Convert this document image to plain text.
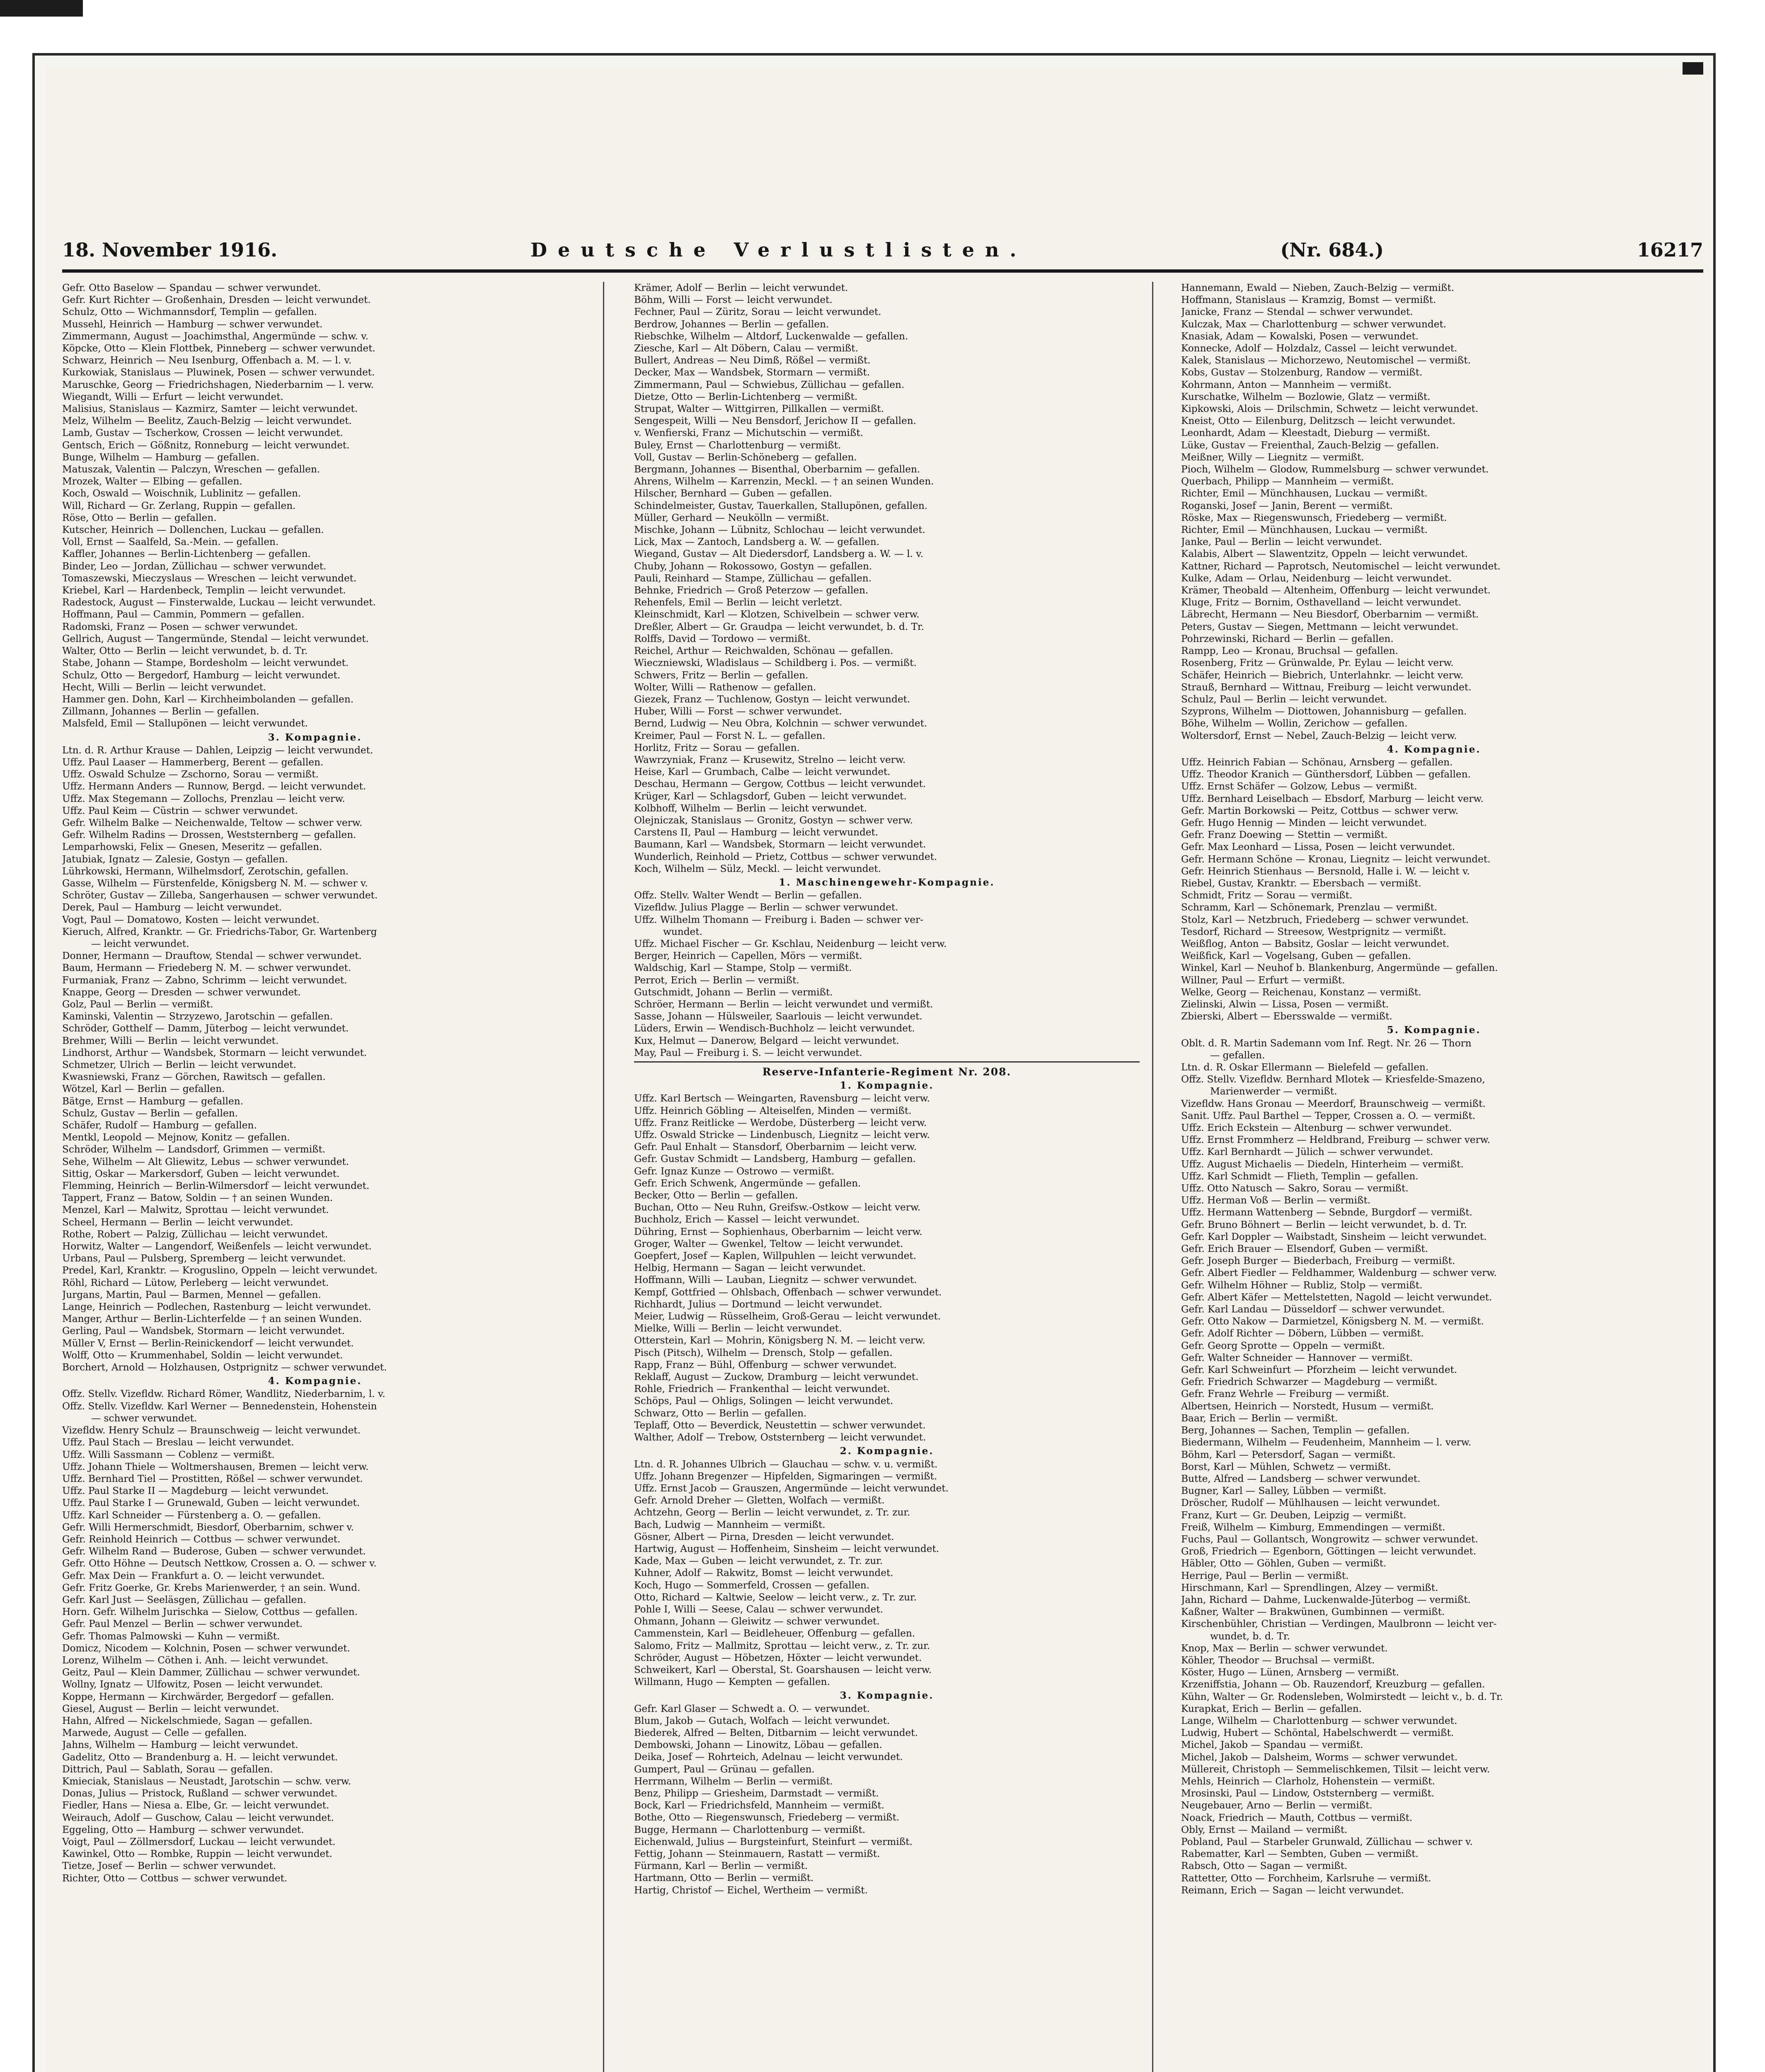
18. November 1916.	Deutsche Verlustlisten.	(Nr. 684.)	16217
Gefr. Otto Baselow — Spandau — schwer verwundet.
Gefr. Kurt Richter — Großenhain, Dresden — leicht verwundet.
Schulz, Otto — Wichmannsdorf, Templin — gefallen.
Mussehl, Heinrich — Hamburg — schwer verwundet.
Zimmermann, August — Joachimsthal, Angermünde — schw. v.
Köpcke, Otto — Klein Flottbek, Pinneberg — schwer verwundet.
Schwarz, Heinrich — Neu Isenburg, Offenbach a. M. — l. v.
Kurkowiak, Stanislaus — Pluwinek, Posen — schwer verwundet.
Maruschke, Georg — Friedrichshagen, Niederbarnim — l. verw.
Wiegandt, Willi — Erfurt — leicht verwundet.
Malisius, Stanislaus — Kazmirz, Samter — leicht verwundet.
Melz, Wilhelm — Beelitz, Zauch-Belzig — leicht verwundet.
Lamb, Gustav — Tscherkow, Crossen — leicht verwundet.
Gentsch, Erich — Gößnitz, Ronneburg — leicht verwundet.
Bunge, Wilhelm — Hamburg — gefallen.
Matuszak, Valentin — Palczyn, Wreschen — gefallen.
Mrozek, Walter — Elbing — gefallen.
Koch, Oswald — Woischnik, Lublinitz — gefallen.
Will, Richard — Gr. Zerlang, Ruppin — gefallen.
Röse, Otto — Berlin — gefallen.
Kutscher, Heinrich — Dollenchen, Luckau — gefallen.
Voll, Ernst — Saalfeld, Sa.-Mein. — gefallen.
Kaffler, Johannes — Berlin-Lichtenberg — gefallen.
Binder, Leo — Jordan, Züllichau — schwer verwundet.
Tomaszewski, Mieczyslaus — Wreschen — leicht verwundet.
Kriebel, Karl — Hardenbeck, Templin — leicht verwundet.
Radestock, August — Finsterwalde, Luckau — leicht verwundet.
Hoffmann, Paul — Cammin, Pommern — gefallen.
Radomski, Franz — Posen — schwer verwundet.
Gellrich, August — Tangermünde, Stendal — leicht verwundet.
Walter, Otto — Berlin — leicht verwundet, b. d. Tr.
Stabe, Johann — Stampe, Bordesholm — leicht verwundet.
Schulz, Otto — Bergedorf, Hamburg — leicht verwundet.
Hecht, Willi — Berlin — leicht verwundet.
Hammer gen. Dohn, Karl — Kirchheimbolanden — gefallen.
Zillmann, Johannes — Berlin — gefallen.
Malsfeld, Emil — Stallupönen — leicht verwundet.
3. Kompagnie.
Ltn. d. R. Arthur Krause — Dahlen, Leipzig — leicht verwundet.
Uffz. Paul Laaser — Hammerberg, Berent — gefallen.
Uffz. Oswald Schulze — Zschorno, Sorau — vermißt.
Uffz. Hermann Anders — Runnow, Bergd. — leicht verwundet.
Uffz. Max Stegemann — Zollochs, Prenzlau — leicht verw.
Uffz. Paul Keim — Cüstrin — schwer verwundet.
Gefr. Wilhelm Balke — Neichenwalde, Teltow — schwer verw.
Gefr. Wilhelm Radins — Drossen, Weststernberg — gefallen.
Lemparhowski, Felix — Gnesen, Meseritz — gefallen.
Jatubiak, Ignatz — Zalesie, Gostyn — gefallen.
Lührkowski, Hermann, Wilhelmsdorf, Zerotschin, gefallen.
Gasse, Wilhelm — Fürstenfelde, Königsberg N. M. — schwer v.
Schröter, Gustav — Zilleba, Sangerhausen — schwer verwundet.
Derek, Paul — Hamburg — leicht verwundet.
Vogt, Paul — Domatowo, Kosten — leicht verwundet.
Kieruch, Alfred, Kranktr. — Gr. Friedrichs-Tabor, Gr. Wartenberg
— leicht verwundet.
Donner, Hermann — Drauftow, Stendal — schwer verwundet.
Baum, Hermann — Friedeberg N. M. — schwer verwundet.
Furmaniak, Franz — Zabno, Schrimm — leicht verwundet.
Knappe, Georg — Dresden — schwer verwundet.
Golz, Paul — Berlin — vermißt.
Kaminski, Valentin — Strzyzewo, Jarotschin — gefallen.
Schröder, Gotthelf — Damm, Jüterbog — leicht verwundet.
Brehmer, Willi — Berlin — leicht verwundet.
Lindhorst, Arthur — Wandsbek, Stormarn — leicht verwundet.
Schmetzer, Ulrich — Berlin — leicht verwundet.
Kwasniewski, Franz — Görchen, Rawitsch — gefallen.
Wötzel, Karl — Berlin — gefallen.
Bätge, Ernst — Hamburg — gefallen.
Schulz, Gustav — Berlin — gefallen.
Schäfer, Rudolf — Hamburg — gefallen.
Mentkl, Leopold — Mejnow, Konitz — gefallen.
Schröder, Wilhelm — Landsdorf, Grimmen — vermißt.
Sehe, Wilhelm — Alt Gliewitz, Lebus — schwer verwundet.
Sittig, Oskar — Markersdorf, Guben — leicht verwundet.
Flemming, Heinrich — Berlin-Wilmersdorf — leicht verwundet.
Tappert, Franz — Batow, Soldin — † an seinen Wunden.
Menzel, Karl — Malwitz, Sprottau — leicht verwundet.
Scheel, Hermann — Berlin — leicht verwundet.
Rothe, Robert — Palzig, Züllichau — leicht verwundet.
Horwitz, Walter — Langendorf, Weißenfels — leicht verwundet.
Urbans, Paul — Pulsberg, Spremberg — leicht verwundet.
Predel, Karl, Kranktr. — Kroguslino, Oppeln — leicht verwundet.
Röhl, Richard — Lütow, Perleberg — leicht verwundet.
Jurgans, Martin, Paul — Barmen, Mennel — gefallen.
Lange, Heinrich — Podlechen, Rastenburg — leicht verwundet.
Manger, Arthur — Berlin-Lichterfelde — † an seinen Wunden.
Gerling, Paul — Wandsbek, Stormarn — leicht verwundet.
Müller V, Ernst — Berlin-Reinickendorf — leicht verwundet.
Wolff, Otto — Krummenhabel, Soldin — leicht verwundet.
Borchert, Arnold — Holzhausen, Ostprignitz — schwer verwundet.
4. Kompagnie.
Offz. Stellv. Vizefldw. Richard Römer, Wandlitz, Niederbarnim, l. v.
Offz. Stellv. Vizefldw. Karl Werner — Bennedenstein, Hohenstein
— schwer verwundet.
Vizefldw. Henry Schulz — Braunschweig — leicht verwundet.
Uffz. Paul Stach — Breslau — leicht verwundet.
Uffz. Willi Sassmann — Coblenz — vermißt.
Uffz. Johann Thiele — Woltmershausen, Bremen — leicht verw.
Uffz. Bernhard Tiel — Prostitten, Rößel — schwer verwundet.
Uffz. Paul Starke II — Magdeburg — leicht verwundet.
Uffz. Paul Starke I — Grunewald, Guben — leicht verwundet.
Uffz. Karl Schneider — Fürstenberg a. O. — gefallen.
Gefr. Willi Hermerschmidt, Biesdorf, Oberbarnim, schwer v.
Gefr. Reinhold Heinrich — Cottbus — schwer verwundet.
Gefr. Wilhelm Rand — Buderose, Guben — schwer verwundet.
Gefr. Otto Höhne — Deutsch Nettkow, Crossen a. O. — schwer v.
Gefr. Max Dein — Frankfurt a. O. — leicht verwundet.
Gefr. Fritz Goerke, Gr. Krebs Marienwerder, † an sein. Wund.
Gefr. Karl Just — Seeläsgen, Züllichau — gefallen.
Horn. Gefr. Wilhelm Jurischka — Sielow, Cottbus — gefallen.
Gefr. Paul Menzel — Berlin — schwer verwundet.
Gefr. Thomas Palmowski — Kuhn — vermißt.
Domicz, Nicodem — Kolchnin, Posen — schwer verwundet.
Lorenz, Wilhelm — Cöthen i. Anh. — leicht verwundet.
Geitz, Paul — Klein Dammer, Züllichau — schwer verwundet.
Wollny, Ignatz — Ulfowitz, Posen — leicht verwundet.
Koppe, Hermann — Kirchwärder, Bergedorf — gefallen.
Giesel, August — Berlin — leicht verwundet.
Hahn, Alfred — Nickelschmiede, Sagan — gefallen.
Marwede, August — Celle — gefallen.
Jahns, Wilhelm — Hamburg — leicht verwundet.
Gadelitz, Otto — Brandenburg a. H. — leicht verwundet.
Dittrich, Paul — Sablath, Sorau — gefallen.
Kmieciak, Stanislaus — Neustadt, Jarotschin — schw. verw.
Donas, Julius — Pristock, Rußland — schwer verwundet.
Fiedler, Hans — Niesa a. Elbe, Gr. — leicht verwundet.
Weirauch, Adolf — Guschow, Calau — leicht verwundet.
Eggeling, Otto — Hamburg — schwer verwundet.
Voigt, Paul — Zöllmersdorf, Luckau — leicht verwundet.
Kawinkel, Otto — Rombke, Ruppin — leicht verwundet.
Tietze, Josef — Berlin — schwer verwundet.
Richter, Otto — Cottbus — schwer verwundet.
Krämer, Adolf — Berlin — leicht verwundet.
Böhm, Willi — Forst — leicht verwundet.
Fechner, Paul — Züritz, Sorau — leicht verwundet.
Berdrow, Johannes — Berlin — gefallen.
Riebschke, Wilhelm — Altdorf, Luckenwalde — gefallen.
Ziesche, Karl — Alt Döbern, Calau — vermißt.
Bullert, Andreas — Neu Dimß, Rößel — vermißt.
Decker, Max — Wandsbek, Stormarn — vermißt.
Zimmermann, Paul — Schwiebus, Züllichau — gefallen.
Dietze, Otto — Berlin-Lichtenberg — vermißt.
Strupat, Walter — Wittgirren, Pillkallen — vermißt.
Sengespeit, Willi — Neu Bensdorf, Jerichow II — gefallen.
v. Wenfierski, Franz — Michutschin — vermißt.
Buley, Ernst — Charlottenburg — vermißt.
Voll, Gustav — Berlin-Schöneberg — gefallen.
Bergmann, Johannes — Bisenthal, Oberbarnim — gefallen.
Ahrens, Wilhelm — Karrenzin, Meckl. — † an seinen Wunden.
Hilscher, Bernhard — Guben — gefallen.
Schindelmeister, Gustav, Tauerkallen, Stallupönen, gefallen.
Müller, Gerhard — Neukölln — vermißt.
Mischke, Johann — Lübnitz, Schlochau — leicht verwundet.
Lick, Max — Zantoch, Landsberg a. W. — gefallen.
Wiegand, Gustav — Alt Diedersdorf, Landsberg a. W. — l. v.
Chuby, Johann — Rokossowo, Gostyn — gefallen.
Pauli, Reinhard — Stampe, Züllichau — gefallen.
Behnke, Friedrich — Groß Peterzow — gefallen.
Rehenfels, Emil — Berlin — leicht verletzt.
Kleinschmidt, Karl — Klotzen, Schivelbein — schwer verw.
Dreßler, Albert — Gr. Graudpa — leicht verwundet, b. d. Tr.
Rolffs, David — Tordowo — vermißt.
Reichel, Arthur — Reichwalden, Schönau — gefallen.
Wieczniewski, Wladislaus — Schildberg i. Pos. — vermißt.
Schwers, Fritz — Berlin — gefallen.
Wolter, Willi — Rathenow — gefallen.
Giezek, Franz — Tuchlenow, Gostyn — leicht verwundet.
Huber, Willi — Forst — schwer verwundet.
Bernd, Ludwig — Neu Obra, Kolchnin — schwer verwundet.
Kreimer, Paul — Forst N. L. — gefallen.
Horlitz, Fritz — Sorau — gefallen.
Wawrzyniak, Franz — Krusewitz, Strelno — leicht verw.
Heise, Karl — Grumbach, Calbe — leicht verwundet.
Deschau, Hermann — Gergow, Cottbus — leicht verwundet.
Krüger, Karl — Schlagsdorf, Guben — leicht verwundet.
Kolbhoff, Wilhelm — Berlin — leicht verwundet.
Olejniczak, Stanislaus — Gronitz, Gostyn — schwer verw.
Carstens II, Paul — Hamburg — leicht verwundet.
Baumann, Karl — Wandsbek, Stormarn — leicht verwundet.
Wunderlich, Reinhold — Prietz, Cottbus — schwer verwundet.
Koch, Wilhelm — Sülz, Meckl. — leicht verwundet.
1. Maschinengewehr-Kompagnie.
Offz. Stellv. Walter Wendt — Berlin — gefallen.
Vizefldw. Julius Plagge — Berlin — schwer verwundet.
Uffz. Wilhelm Thomann — Freiburg i. Baden — schwer ver-
wundet.
Uffz. Michael Fischer — Gr. Kschlau, Neidenburg — leicht verw.
Berger, Heinrich — Capellen, Mörs — vermißt.
Waldschig, Karl — Stampe, Stolp — vermißt.
Perrot, Erich — Berlin — vermißt.
Gutschmidt, Johann — Berlin — vermißt.
Schröer, Hermann — Berlin — leicht verwundet und vermißt.
Sasse, Johann — Hülsweiler, Saarlouis — leicht verwundet.
Lüders, Erwin — Wendisch-Buchholz — leicht verwundet.
Kux, Helmut — Danerow, Belgard — leicht verwundet.
May, Paul — Freiburg i. S. — leicht verwundet.
Reserve-Infanterie-Regiment Nr. 208.
1. Kompagnie.
Uffz. Karl Bertsch — Weingarten, Ravensburg — leicht verw.
Uffz. Heinrich Göbling — Alteiselfen, Minden — vermißt.
Uffz. Franz Reitlicke — Werdobe, Düsterberg — leicht verw.
Uffz. Oswald Stricke — Lindenbusch, Liegnitz — leicht verw.
Gefr. Paul Enhalt — Stansdorf, Oberbarnim — leicht verw.
Gefr. Gustav Schmidt — Landsberg, Hamburg — gefallen.
Gefr. Ignaz Kunze — Ostrowo — vermißt.
Gefr. Erich Schwenk, Angermünde — gefallen.
Becker, Otto — Berlin — gefallen.
Buchan, Otto — Neu Ruhn, Greifsw.-Ostkow — leicht verw.
Buchholz, Erich — Kassel — leicht verwundet.
Dühring, Ernst — Sophienhaus, Oberbarnim — leicht verw.
Groger, Walter — Gwenkel, Teltow — leicht verwundet.
Goepfert, Josef — Kaplen, Willpuhlen — leicht verwundet.
Helbig, Hermann — Sagan — leicht verwundet.
Hoffmann, Willi — Lauban, Liegnitz — schwer verwundet.
Kempf, Gottfried — Ohlsbach, Offenbach — schwer verwundet.
Richhardt, Julius — Dortmund — leicht verwundet.
Meier, Ludwig — Rüsselheim, Groß-Gerau — leicht verwundet.
Mielke, Willi — Berlin — leicht verwundet.
Otterstein, Karl — Mohrin, Königsberg N. M. — leicht verw.
Pisch (Pitsch), Wilhelm — Drensch, Stolp — gefallen.
Rapp, Franz — Bühl, Offenburg — schwer verwundet.
Reklaff, August — Zuckow, Dramburg — leicht verwundet.
Rohle, Friedrich — Frankenthal — leicht verwundet.
Schöps, Paul — Ohligs, Solingen — leicht verwundet.
Schwarz, Otto — Berlin — gefallen.
Teplaff, Otto — Beverdick, Neustettin — schwer verwundet.
Walther, Adolf — Trebow, Oststernberg — leicht verwundet.
2. Kompagnie.
Ltn. d. R. Johannes Ulbrich — Glauchau — schw. v. u. vermißt.
Uffz. Johann Bregenzer — Hipfelden, Sigmaringen — vermißt.
Uffz. Ernst Jacob — Grauszen, Angermünde — leicht verwundet.
Gefr. Arnold Dreher — Gletten, Wolfach — vermißt.
Achtzehn, Georg — Berlin — leicht verwundet, z. Tr. zur.
Bach, Ludwig — Mannheim — vermißt.
Gösner, Albert — Pirna, Dresden — leicht verwundet.
Hartwig, August — Hoffenheim, Sinsheim — leicht verwundet.
Kade, Max — Guben — leicht verwundet, z. Tr. zur.
Kuhner, Adolf — Rakwitz, Bomst — leicht verwundet.
Koch, Hugo — Sommerfeld, Crossen — gefallen.
Otto, Richard — Kaltwie, Seelow — leicht verw., z. Tr. zur.
Pohle I, Willi — Seese, Calau — schwer verwundet.
Ohmann, Johann — Gleiwitz — schwer verwundet.
Cammenstein, Karl — Beidleheuer, Offenburg — gefallen.
Salomo, Fritz — Mallmitz, Sprottau — leicht verw., z. Tr. zur.
Schröder, August — Höbetzen, Höxter — leicht verwundet.
Schweikert, Karl — Oberstal, St. Goarshausen — leicht verw.
Willmann, Hugo — Kempten — gefallen.
3. Kompagnie.
Gefr. Karl Glaser — Schwedt a. O. — verwundet.
Blum, Jakob — Gutach, Wolfach — leicht verwundet.
Biederek, Alfred — Belten, Ditbarnim — leicht verwundet.
Dembowski, Johann — Linowitz, Löbau — gefallen.
Deika, Josef — Rohrteich, Adelnau — leicht verwundet.
Gumpert, Paul — Grünau — gefallen.
Herrmann, Wilhelm — Berlin — vermißt.
Benz, Philipp — Griesheim, Darmstadt — vermißt.
Bock, Karl — Friedrichsfeld, Mannheim — vermißt.
Bothe, Otto — Riegenswunsch, Friedeberg — vermißt.
Bugge, Hermann — Charlottenburg — vermißt.
Eichenwald, Julius — Burgsteinfurt, Steinfurt — vermißt.
Fettig, Johann — Steinmauern, Rastatt — vermißt.
Fürmann, Karl — Berlin — vermißt.
Hartmann, Otto — Berlin — vermißt.
Hartig, Christof — Eichel, Wertheim — vermißt.
Hannemann, Ewald — Nieben, Zauch-Belzig — vermißt.
Hoffmann, Stanislaus — Kramzig, Bomst — vermißt.
Janicke, Franz — Stendal — schwer verwundet.
Kulczak, Max — Charlottenburg — schwer verwundet.
Knasiak, Adam — Kowalski, Posen — verwundet.
Konnecke, Adolf — Holzdalz, Cassel — leicht verwundet.
Kalek, Stanislaus — Michorzewo, Neutomischel — vermißt.
Kobs, Gustav — Stolzenburg, Randow — vermißt.
Kohrmann, Anton — Mannheim — vermißt.
Kurschatke, Wilhelm — Bozlowie, Glatz — vermißt.
Kipkowski, Alois — Drilschmin, Schwetz — leicht verwundet.
Kneist, Otto — Eilenburg, Delitzsch — leicht verwundet.
Leonhardt, Adam — Kleestadt, Dieburg — vermißt.
Lüke, Gustav — Freienthal, Zauch-Belzig — gefallen.
Meißner, Willy — Liegnitz — vermißt.
Pioch, Wilhelm — Glodow, Rummelsburg — schwer verwundet.
Querbach, Philipp — Mannheim — vermißt.
Richter, Emil — Münchhausen, Luckau — vermißt.
Roganski, Josef — Janin, Berent — vermißt.
Röske, Max — Riegenswunsch, Friedeberg — vermißt.
Richter, Emil — Münchhausen, Luckau — vermißt.
Janke, Paul — Berlin — leicht verwundet.
Kalabis, Albert — Slawentzitz, Oppeln — leicht verwundet.
Kattner, Richard — Paprotsch, Neutomischel — leicht verwundet.
Kulke, Adam — Orlau, Neidenburg — leicht verwundet.
Krämer, Theobald — Altenheim, Offenburg — leicht verwundet.
Kluge, Fritz — Bornim, Osthavelland — leicht verwundet.
Läbrecht, Hermann — Neu Biesdorf, Oberbarnim — vermißt.
Peters, Gustav — Siegen, Mettmann — leicht verwundet.
Pohrzewinski, Richard — Berlin — gefallen.
Rampp, Leo — Kronau, Bruchsal — gefallen.
Rosenberg, Fritz — Grünwalde, Pr. Eylau — leicht verw.
Schäfer, Heinrich — Biebrich, Unterlahnkr. — leicht verw.
Strauß, Bernhard — Wittnau, Freiburg — leicht verwundet.
Schulz, Paul — Berlin — leicht verwundet.
Szyprons, Wilhelm — Diottowen, Johannisburg — gefallen.
Böhe, Wilhelm — Wollin, Zerichow — gefallen.
Woltersdorf, Ernst — Nebel, Zauch-Belzig — leicht verw.
4. Kompagnie.
Uffz. Heinrich Fabian — Schönau, Arnsberg — gefallen.
Uffz. Theodor Kranich — Günthersdorf, Lübben — gefallen.
Uffz. Ernst Schäfer — Golzow, Lebus — vermißt.
Uffz. Bernhard Leiselbach — Ebsdorf, Marburg — leicht verw.
Gefr. Martin Borkowski — Peitz, Cottbus — schwer verw.
Gefr. Hugo Hennig — Minden — leicht verwundet.
Gefr. Franz Doewing — Stettin — vermißt.
Gefr. Max Leonhard — Lissa, Posen — leicht verwundet.
Gefr. Hermann Schöne — Kronau, Liegnitz — leicht verwundet.
Gefr. Heinrich Stienhaus — Bersnold, Halle i. W. — leicht v.
Riebel, Gustav, Kranktr. — Ebersbach — vermißt.
Schmidt, Fritz — Sorau — vermißt.
Schramm, Karl — Schönemark, Prenzlau — vermißt.
Stolz, Karl — Netzbruch, Friedeberg — schwer verwundet.
Tesdorf, Richard — Streesow, Westprignitz — vermißt.
Weißflog, Anton — Babsitz, Goslar — leicht verwundet.
Weißfick, Karl — Vogelsang, Guben — gefallen.
Winkel, Karl — Neuhof b. Blankenburg, Angermünde — gefallen.
Willner, Paul — Erfurt — vermißt.
Welke, Georg — Reichenau, Konstanz — vermißt.
Zielinski, Alwin — Lissa, Posen — vermißt.
Zbierski, Albert — Ebersswalde — vermißt.
5. Kompagnie.
Oblt. d. R. Martin Sademann vom Inf. Regt. Nr. 26 — Thorn
— gefallen.
Ltn. d. R. Oskar Ellermann — Bielefeld — gefallen.
Offz. Stellv. Vizefldw. Bernhard Mlotek — Kriesfelde-Smazeno,
Marienwerder — vermißt.
Vizefldw. Hans Gronau — Meerdorf, Braunschweig — vermißt.
Sanit. Uffz. Paul Barthel — Tepper, Crossen a. O. — vermißt.
Uffz. Erich Eckstein — Altenburg — schwer verwundet.
Uffz. Ernst Frommherz — Heldbrand, Freiburg — schwer verw.
Uffz. Karl Bernhardt — Jülich — schwer verwundet.
Uffz. August Michaelis — Diedeln, Hinterheim — vermißt.
Uffz. Karl Schmidt — Flieth, Templin — gefallen.
Uffz. Otto Natusch — Sakro, Sorau — vermißt.
Uffz. Herman Voß — Berlin — vermißt.
Uffz. Hermann Wattenberg — Sebnde, Burgdorf — vermißt.
Gefr. Bruno Böhnert — Berlin — leicht verwundet, b. d. Tr.
Gefr. Karl Doppler — Waibstadt, Sinsheim — leicht verwundet.
Gefr. Erich Brauer — Elsendorf, Guben — vermißt.
Gefr. Joseph Burger — Biederbach, Freiburg — vermißt.
Gefr. Albert Fiedler — Feldhammer, Waldenburg — schwer verw.
Gefr. Wilhelm Höhner — Rubliz, Stolp — vermißt.
Gefr. Albert Käfer — Mettelstetten, Nagold — leicht verwundet.
Gefr. Karl Landau — Düsseldorf — schwer verwundet.
Gefr. Otto Nakow — Darmietzel, Königsberg N. M. — vermißt.
Gefr. Adolf Richter — Döbern, Lübben — vermißt.
Gefr. Georg Sprotte — Oppeln — vermißt.
Gefr. Walter Schneider — Hannover — vermißt.
Gefr. Karl Schweinfurt — Pforzheim — leicht verwundet.
Gefr. Friedrich Schwarzer — Magdeburg — vermißt.
Gefr. Franz Wehrle — Freiburg — vermißt.
Albertsen, Heinrich — Norstedt, Husum — vermißt.
Baar, Erich — Berlin — vermißt.
Berg, Johannes — Sachen, Templin — gefallen.
Biedermann, Wilhelm — Feudenheim, Mannheim — l. verw.
Böhm, Karl — Petersdorf, Sagan — vermißt.
Borst, Karl — Mühlen, Schwetz — vermißt.
Butte, Alfred — Landsberg — schwer verwundet.
Bugner, Karl — Salley, Lübben — vermißt.
Dröscher, Rudolf — Mühlhausen — leicht verwundet.
Franz, Kurt — Gr. Deuben, Leipzig — vermißt.
Freiß, Wilhelm — Kimburg, Emmendingen — vermißt.
Fuchs, Paul — Gollantsch, Wongrowitz — schwer verwundet.
Groß, Friedrich — Egenborn, Göttingen — leicht verwundet.
Häbler, Otto — Göhlen, Guben — vermißt.
Herrige, Paul — Berlin — vermißt.
Hirschmann, Karl — Sprendlingen, Alzey — vermißt.
Jahn, Richard — Dahme, Luckenwalde-Jüterbog — vermißt.
Kaßner, Walter — Brakwünen, Gumbinnen — vermißt.
Kirschenbühler, Christian — Verdingen, Maulbronn — leicht ver-
wundet, b. d. Tr.
Knop, Max — Berlin — schwer verwundet.
Köhler, Theodor — Bruchsal — vermißt.
Köster, Hugo — Lünen, Arnsberg — vermißt.
Krzeniffstia, Johann — Ob. Rauzendorf, Kreuzburg — gefallen.
Kühn, Walter — Gr. Rodensleben, Wolmirstedt — leicht v., b. d. Tr.
Kurapkat, Erich — Berlin — gefallen.
Lange, Wilhelm — Charlottenburg — schwer verwundet.
Ludwig, Hubert — Schöntal, Habelschwerdt — vermißt.
Michel, Jakob — Spandau — vermißt.
Michel, Jakob — Dalsheim, Worms — schwer verwundet.
Müllereit, Christoph — Semmelischkemen, Tilsit — leicht verw.
Mehls, Heinrich — Clarholz, Hohenstein — vermißt.
Mrosinski, Paul — Lindow, Oststernberg — vermißt.
Neugebauer, Arno — Berlin — vermißt.
Noack, Friedrich — Mauth, Cottbus — vermißt.
Obly, Ernst — Mailand — vermißt.
Pobland, Paul — Starbeler Grunwald, Züllichau — schwer v.
Rabematter, Karl — Sembten, Guben — vermißt.
Rabsch, Otto — Sagan — vermißt.
Rattetter, Otto — Forchheim, Karlsruhe — vermißt.
Reimann, Erich — Sagan — leicht verwundet.
